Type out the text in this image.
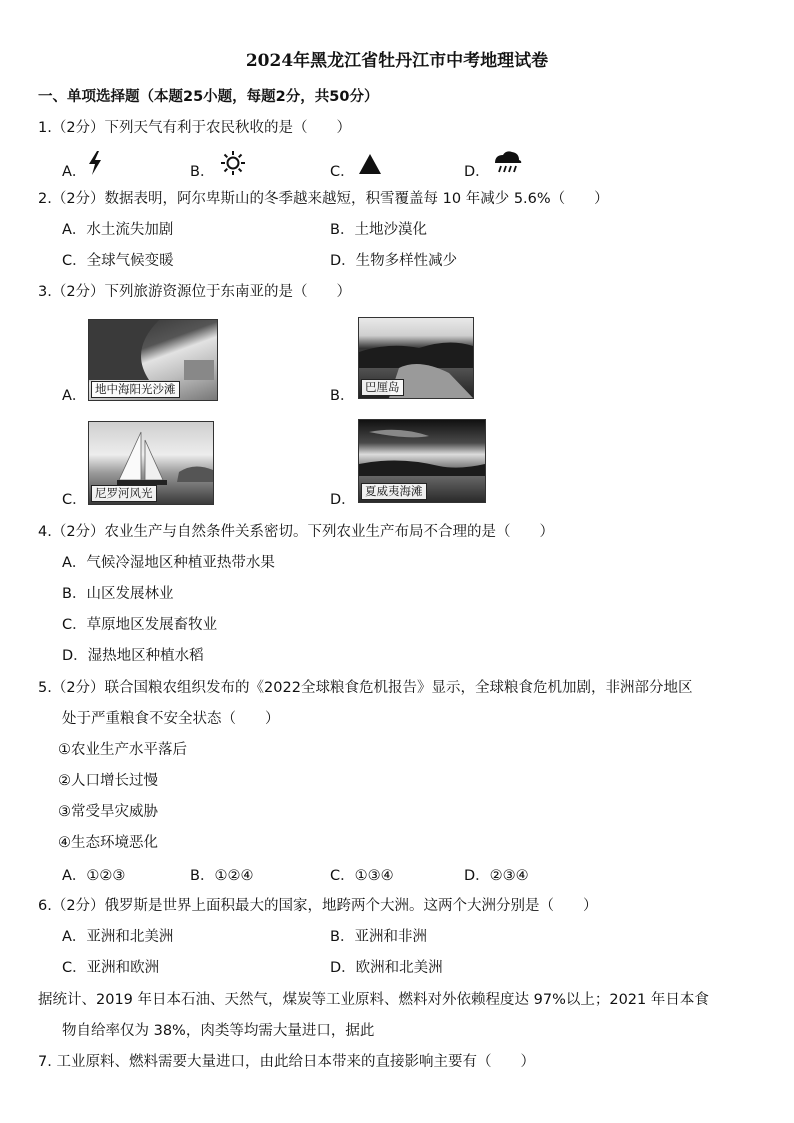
2024年黑龙江省牡丹江市中考地理试卷
一、单项选择题（本题25小题，每题2分，共50分）
1.（2分）下列天气有利于农民秋收的是（　　）
A．	B．	C．	D．
2.（2分）数据表明，阿尔卑斯山的冬季越来越短，积雪覆盖每 10 年减少 5.6%（　　）
A．水土流失加剧	B．土地沙漠化
C．全球气候变暖	D．生物多样性减少
3.（2分）下列旅游资源位于东南亚的是（　　）
A． 地中海阳光沙滩	B．
巴厘岛
C． 尼罗河风光	D．
夏威夷海滩
4.（2分）农业生产与自然条件关系密切。下列农业生产布局不合理的是（　　）
A．气候冷湿地区种植亚热带水果
B．山区发展林业
C．草原地区发展畜牧业
D．湿热地区种植水稻
5.（2分）联合国粮农组织发布的《2022全球粮食危机报告》显示，全球粮食危机加剧，非洲部分地区
处于严重粮食不安全状态（　　）
①农业生产水平落后
②人口增长过慢
③常受旱灾威胁
④生态环境恶化
A．①②③	B．①②④	C．①③④	D．②③④
6.（2分）俄罗斯是世界上面积最大的国家，地跨两个大洲。这两个大洲分别是（　　）
A．亚洲和北美洲	B．亚洲和非洲
C．亚洲和欧洲	D．欧洲和北美洲
据统计、2019 年日本石油、天然气，煤炭等工业原料、燃料对外依赖程度达 97%以上；2021 年日本食
物自给率仅为 38%，肉类等均需大量进口，据此
7. 工业原料、燃料需要大量进口，由此给日本带来的直接影响主要有（　　）
